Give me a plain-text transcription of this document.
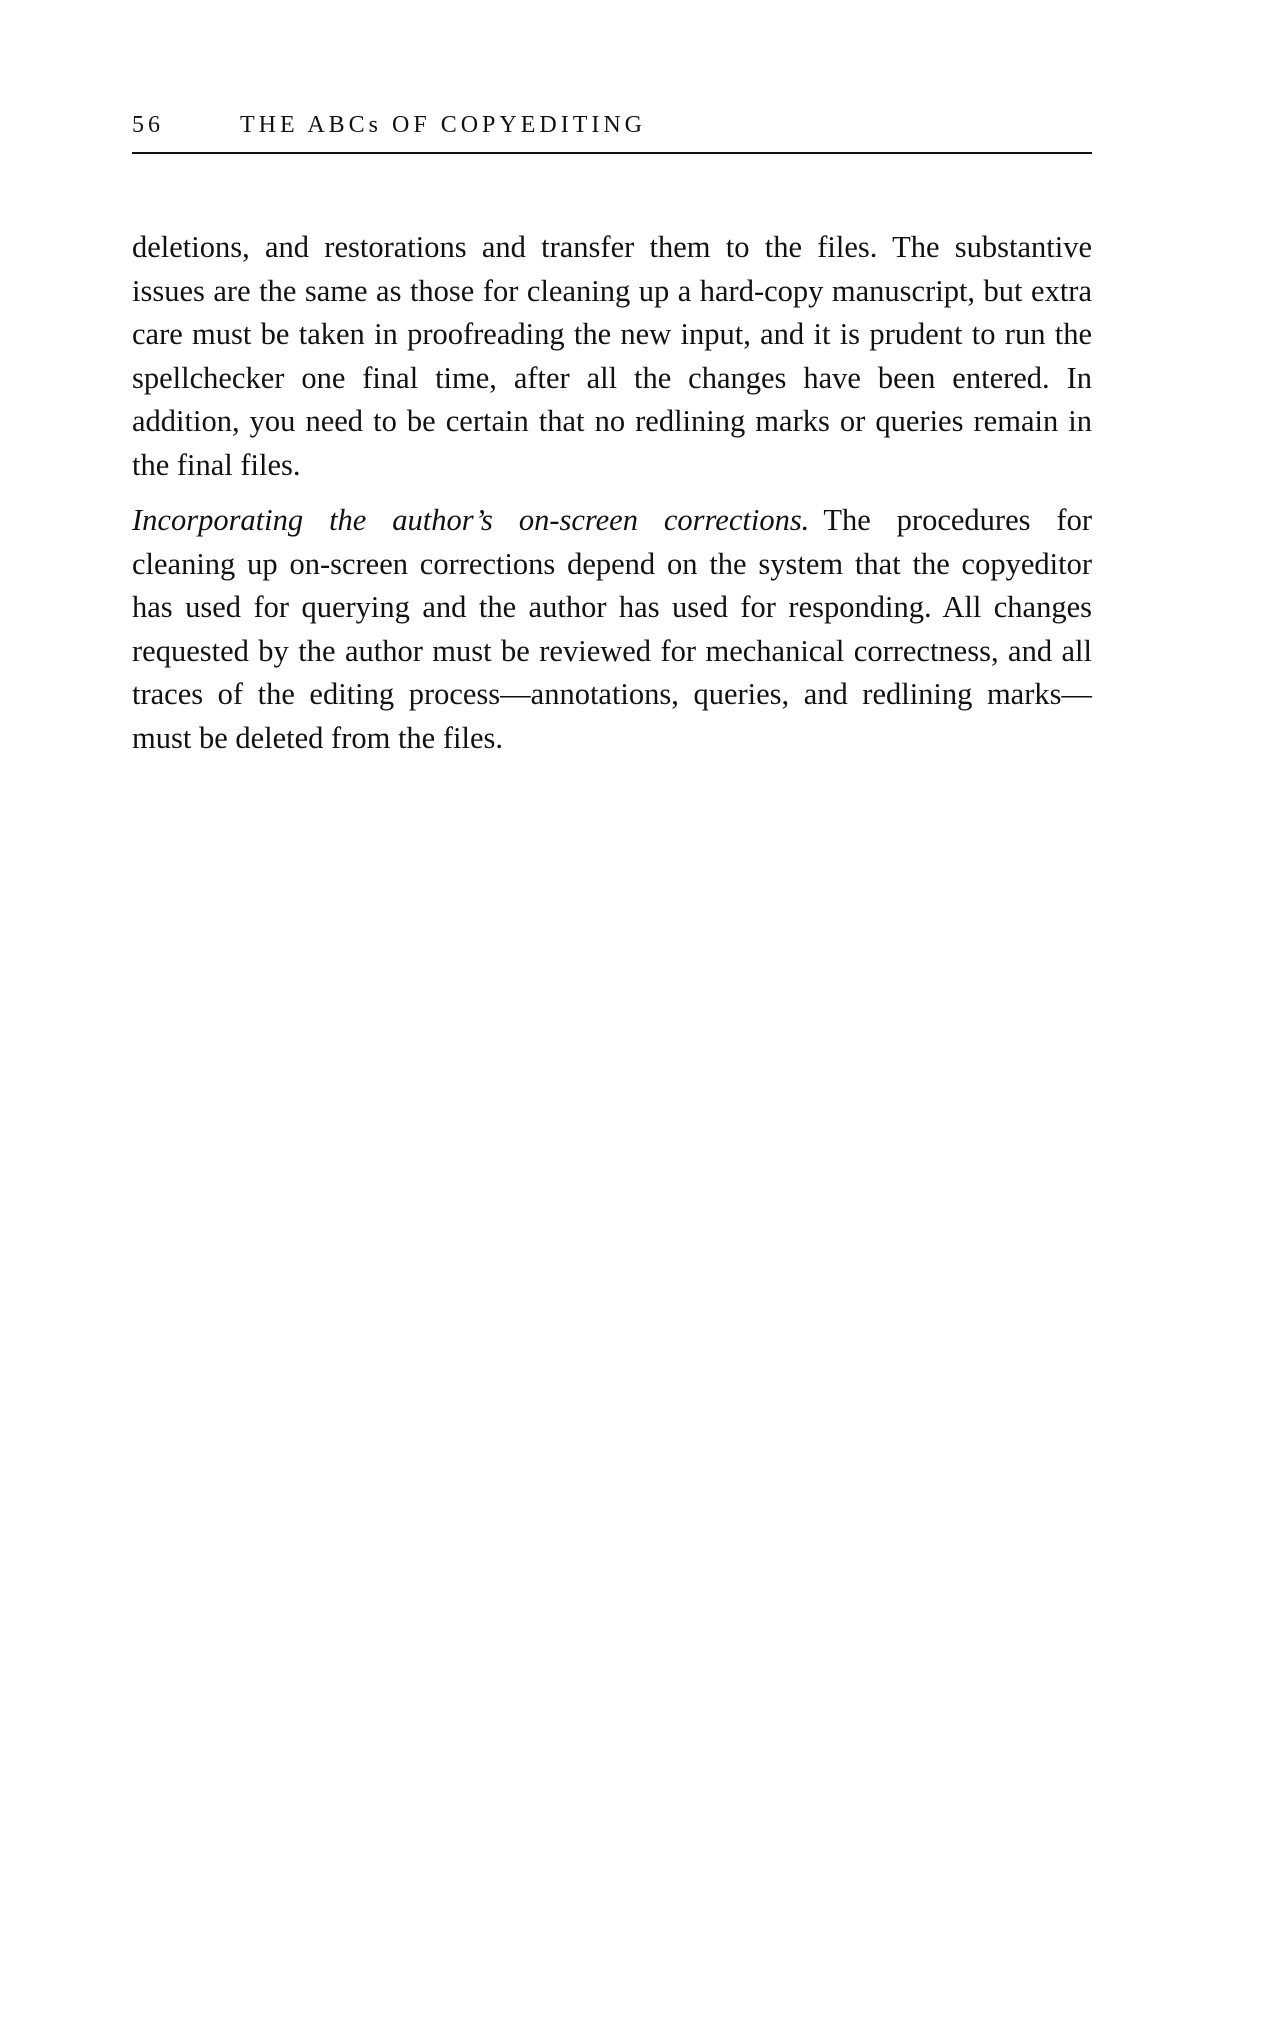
56	THE ABCs OF COPYEDITING

deletions, and restorations and transfer them to the files. The substantive issues are the same as those for cleaning up a hard-copy manuscript, but extra care must be taken in proofreading the new input, and it is prudent to run the spellchecker one final time, after all the changes have been entered. In addition, you need to be certain that no redlining marks or queries remain in the final files.

Incorporating the author’s on-screen corrections. The procedures for cleaning up on-screen corrections depend on the system that the copyeditor has used for querying and the author has used for responding. All changes requested by the author must be reviewed for mechanical correctness, and all traces of the editing process—annotations, queries, and redlining marks—must be deleted from the files.
